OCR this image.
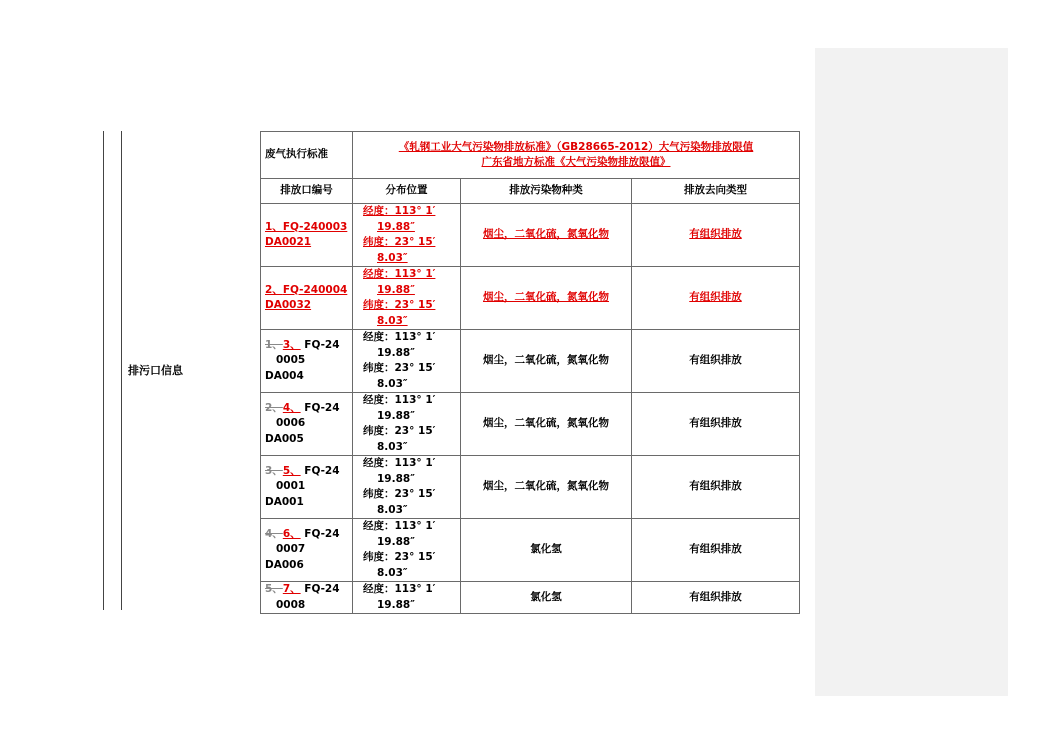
排污口信息
废气执行标准	《轧钢工业大气污染物排放标准》（GB28665-2012）大气污染物排放限值
广东省地方标准《大气污染物排放限值》		
排放口编号	分布位置	排放污染物种类	排放去向类型
1、FQ-240003
DA0021	经度：113° 1′
19.88″
纬度：23° 15′
8.03″	烟尘，二氧化硫，氮氧化物	有组织排放
2、FQ-240004
DA0032	经度：113° 1′
19.88″
纬度：23° 15′
8.03″	烟尘，二氧化硫，氮氧化物	有组织排放
1、3、 FQ-24
0005
DA004	经度：113° 1′
19.88″
纬度：23° 15′
8.03″	烟尘，二氧化硫，氮氧化物	有组织排放
2、4、 FQ-24
0006
DA005	经度：113° 1′
19.88″
纬度：23° 15′
8.03″	烟尘，二氧化硫，氮氧化物	有组织排放
3、5、 FQ-24
0001
DA001	经度：113° 1′
19.88″
纬度：23° 15′
8.03″	烟尘，二氧化硫，氮氧化物	有组织排放
4、6、 FQ-24
0007
DA006	经度：113° 1′
19.88″
纬度：23° 15′
8.03″	氯化氢	有组织排放
5、7、 FQ-24
0008	经度：113° 1′
19.88″	氯化氢	有组织排放
